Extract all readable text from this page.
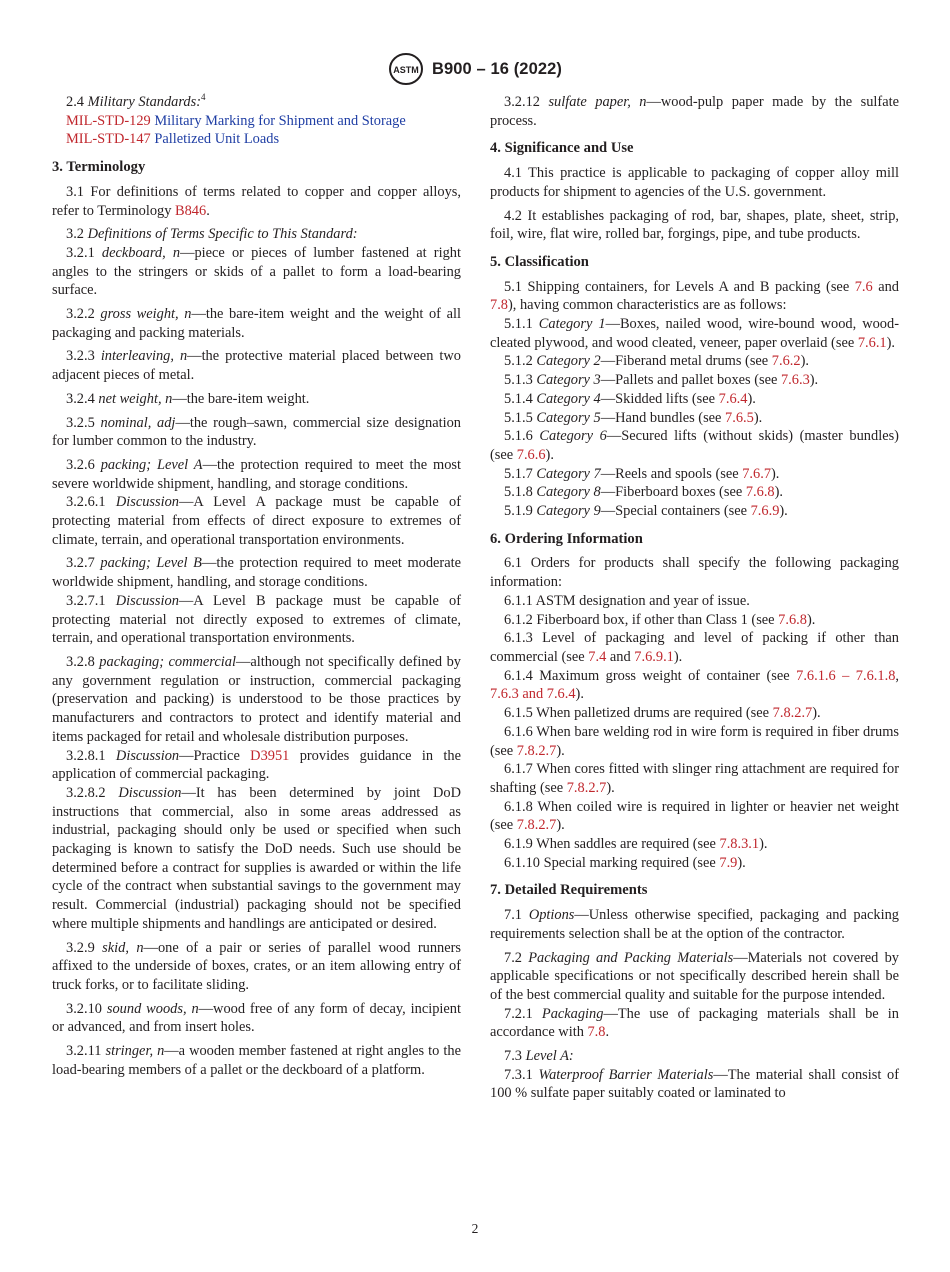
ASTM B900 – 16 (2022)

2.4 Military Standards:$^4$

MIL-STD-129 Military Marking for Shipment and Storage
MIL-STD-147 Palletized Unit Loads
3. Terminology

3.1 For definitions of terms related to copper and copper alloys, refer to Terminology B846.

3.2 Definitions of Terms Specific to This Standard:

3.2.1 deckboard, n—piece or pieces of lumber fastened at right angles to the stringers or skids of a pallet to form a load-bearing surface.

3.2.2 gross weight, n—the bare-item weight and the weight of all packaging and packing materials.

3.2.3 interleaving, n—the protective material placed between two adjacent pieces of metal.

3.2.4 net weight, n—the bare-item weight.

3.2.5 nominal, adj—the rough–sawn, commercial size designation for lumber common to the industry.

3.2.6 packing; Level A—the protection required to meet the most severe worldwide shipment, handling, and storage conditions.

3.2.6.1 Discussion—A Level A package must be capable of protecting material from effects of direct exposure to extremes of climate, terrain, and operational transportation environments.

3.2.7 packing; Level B—the protection required to meet moderate worldwide shipment, handling, and storage conditions.

3.2.7.1 Discussion—A Level B package must be capable of protecting material not directly exposed to extremes of climate, terrain, and operational transportation environments.

3.2.8 packaging; commercial—although not specifically defined by any government regulation or instruction, commercial packaging (preservation and packing) is understood to be those practices by manufacturers and contractors to protect and identify material and items packaged for retail and wholesale distribution purposes.

3.2.8.1 Discussion—Practice D3951 provides guidance in the application of commercial packaging.

3.2.8.2 Discussion—It has been determined by joint DoD instructions that commercial, also in some areas addressed as industrial, packaging should only be used or specified when such packaging is known to satisfy the DoD needs. Such use should be determined before a contract for supplies is awarded or within the life cycle of the contract when substantial savings to the government may result. Commercial (industrial) packaging should not be specified where multiple shipments and handlings are anticipated or desired.

3.2.9 skid, n—one of a pair or series of parallel wood runners affixed to the underside of boxes, crates, or an item allowing entry of truck forks, or to facilitate sliding.

3.2.10 sound woods, n—wood free of any form of decay, incipient or advanced, and from insert holes.

3.2.11 stringer, n—a wooden member fastened at right angles to the load-bearing members of a pallet or the deckboard of a platform.

3.2.12 sulfate paper, n—wood-pulp paper made by the sulfate process.

4. Significance and Use

4.1 This practice is applicable to packaging of copper alloy mill products for shipment to agencies of the U.S. government.

4.2 It establishes packaging of rod, bar, shapes, plate, sheet, strip, foil, wire, flat wire, rolled bar, forgings, pipe, and tube products.

5. Classification

5.1 Shipping containers, for Levels A and B packing (see 7.6 and 7.8), having common characteristics are as follows:

5.1.1 Category 1—Boxes, nailed wood, wire-bound wood, wood-cleated plywood, and wood cleated, veneer, paper overlaid (see 7.6.1).

5.1.2 Category 2—Fiberand metal drums (see 7.6.2).

5.1.3 Category 3—Pallets and pallet boxes (see 7.6.3).

5.1.4 Category 4—Skidded lifts (see 7.6.4).

5.1.5 Category 5—Hand bundles (see 7.6.5).

5.1.6 Category 6—Secured lifts (without skids) (master bundles) (see 7.6.6).

5.1.7 Category 7—Reels and spools (see 7.6.7).

5.1.8 Category 8—Fiberboard boxes (see 7.6.8).

5.1.9 Category 9—Special containers (see 7.6.9).

6. Ordering Information

6.1 Orders for products shall specify the following packaging information:

6.1.1 ASTM designation and year of issue.

6.1.2 Fiberboard box, if other than Class 1 (see 7.6.8).

6.1.3 Level of packaging and level of packing if other than commercial (see 7.4 and 7.6.9.1).

6.1.4 Maximum gross weight of container (see 7.6.1.6 – 7.6.1.8, 7.6.3 and 7.6.4).

6.1.5 When palletized drums are required (see 7.8.2.7).

6.1.6 When bare welding rod in wire form is required in fiber drums (see 7.8.2.7).

6.1.7 When cores fitted with slinger ring attachment are required for shafting (see 7.8.2.7).

6.1.8 When coiled wire is required in lighter or heavier net weight (see 7.8.2.7).

6.1.9 When saddles are required (see 7.8.3.1).

6.1.10 Special marking required (see 7.9).

7. Detailed Requirements

7.1 Options—Unless otherwise specified, packaging and packing requirements selection shall be at the option of the contractor.

7.2 Packaging and Packing Materials—Materials not covered by applicable specifications or not specifically described herein shall be of the best commercial quality and suitable for the purpose intended.

7.2.1 Packaging—The use of packaging materials shall be in accordance with 7.8.

7.3 Level A:

7.3.1 Waterproof Barrier Materials—The material shall consist of 100 % sulfate paper suitably coated or laminated to

2
